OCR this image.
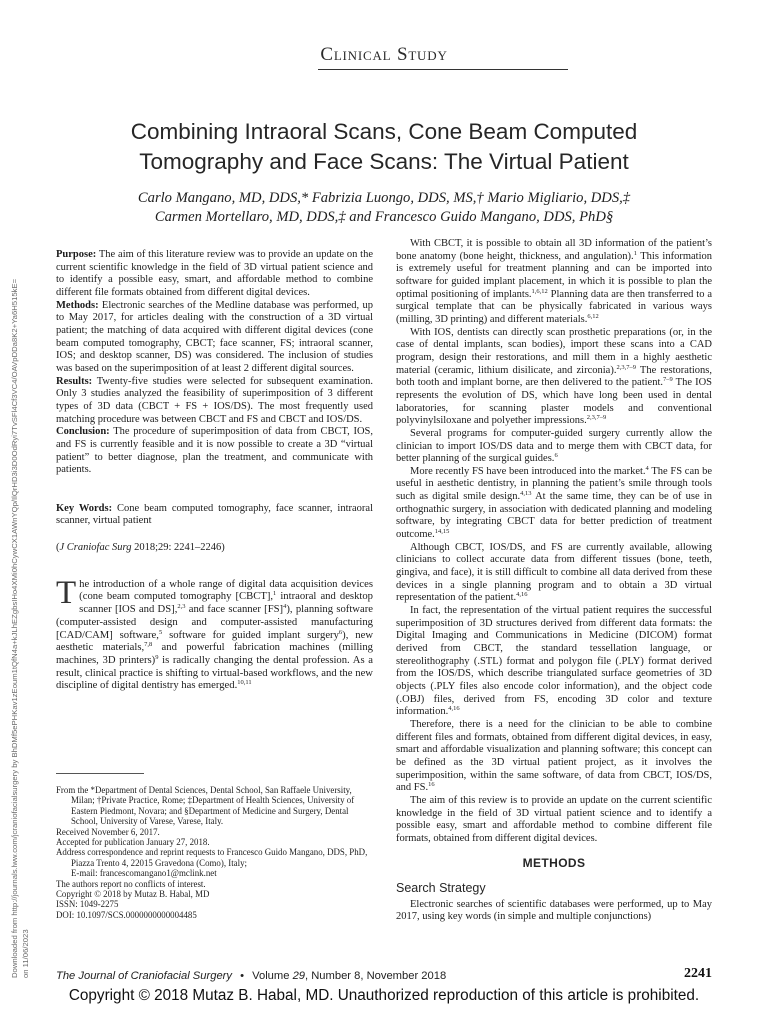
Clinical Study
Combining Intraoral Scans, Cone Beam Computed
Tomography and Face Scans: The Virtual Patient
Carlo Mangano, MD, DDS,* Fabrizia Luongo, DDS, MS,† Mario Migliario, DDS,‡
Carmen Mortellaro, MD, DDS,‡ and Francesco Guido Mangano, DDS, PhD§
Downloaded from http://journals.lww.com/jcraniofacialsurgery by BhDMf5ePHKav1zEoum1tQfN4a+kJLhEZgbsIHo4XMi0hCywCX1AWnYQp/IlQrHD3i3D0OdRyi7TvSFl4Cf3VC4/OAVpDDa8K2+Ya6H515kE= on 11/06/2023

Purpose: The aim of this literature review was to provide an update on the current scientific knowledge in the field of 3D virtual patient science and to identify a possible easy, smart, and affordable method to combine different file formats obtained from different digital devices.

Methods: Electronic searches of the Medline database was performed, up to May 2017, for articles dealing with the construction of a 3D virtual patient; the matching of data acquired with different digital devices (cone beam computed tomography, CBCT; face scanner, FS; intraoral scanner, IOS; and desktop scanner, DS) was considered. The inclusion of studies was based on the superimposition of at least 2 different digital sources.

Results: Twenty-five studies were selected for subsequent examination. Only 3 studies analyzed the feasibility of superimposition of 3 different types of 3D data (CBCT + FS + IOS/DS). The most frequently used matching procedure was between CBCT and FS and CBCT and IOS/DS.

Conclusion: The procedure of superimposition of data from CBCT, IOS, and FS is currently feasible and it is now possible to create a 3D “virtual patient” to better diagnose, plan the treatment, and communicate with patients.

Key Words: Cone beam computed tomography, face scanner, intraoral scanner, virtual patient

(J Craniofac Surg 2018;29: 2241–2246)

The introduction of a whole range of digital data acquisition devices (cone beam computed tomography [CBCT],$^1$ intraoral and desktop scanner [IOS and DS],$^{2,3}$ and face scanner [FS]$^4$), planning software (computer-assisted design and computer-assisted manufacturing [CAD/CAM] software,$^5$ software for guided implant surgery$^6$), new aesthetic materials,$^{7,8}$ and powerful fabrication machines (milling machines, 3D printers)$^9$ is radically changing the dental profession. As a result, clinical practice is shifting to virtual-based workflows, and the new discipline of digital dentistry has emerged.$^{10,11}$

From the *Department of Dental Sciences, Dental School, San Raffaele University, Milan; †Private Practice, Rome; ‡Department of Health Sciences, University of Eastern Piedmont, Novara; and §Department of Medicine and Surgery, Dental School, University of Varese, Varese, Italy.
Received November 6, 2017.
Accepted for publication January 27, 2018.
Address correspondence and reprint requests to Francesco Guido Mangano, DDS, PhD, Piazza Trento 4, 22015 Gravedona (Como), Italy;
E-mail: francescomangano1@mclink.net
The authors report no conflicts of interest.
Copyright © 2018 by Mutaz B. Habal, MD
ISSN: 1049-2275
DOI: 10.1097/SCS.0000000000004485

With CBCT, it is possible to obtain all 3D information of the patient’s bone anatomy (bone height, thickness, and angulation).$^1$ This information is extremely useful for treatment planning and can be imported into software for guided implant placement, in which it is possible to plan the optimal positioning of implants.$^{1,6,12}$ Planning data are then transferred to a surgical template that can be physically fabricated in various ways (milling, 3D printing) and different materials.$^{6,12}$

With IOS, dentists can directly scan prosthetic preparations (or, in the case of dental implants, scan bodies), import these scans into a CAD program, design their restorations, and mill them in a highly aesthetic material (ceramic, lithium disilicate, and zirconia).$^{2,3,7-9}$ The restorations, both tooth and implant borne, are then delivered to the patient.$^{7-9}$ The IOS represents the evolution of DS, which have long been used in dental laboratories, for scanning plaster models and conventional polyvinylsiloxane and polyether impressions.$^{2,3,7-9}$

Several programs for computer-guided surgery currently allow the clinician to import IOS/DS data and to merge them with CBCT data, for better planning of the surgical guides.$^6$

More recently FS have been introduced into the market.$^4$ The FS can be useful in aesthetic dentistry, in planning the patient’s smile through tools such as digital smile design.$^{4,13}$ At the same time, they can be of use in orthognathic surgery, in association with dedicated planning and modeling software, by integrating CBCT data for better prediction of treatment outcome.$^{14,15}$

Although CBCT, IOS/DS, and FS are currently available, allowing clinicians to collect accurate data from different tissues (bone, teeth, gingiva, and face), it is still difficult to combine all data derived from these devices in a single planning program and to obtain a 3D virtual representation of the patient.$^{4,16}$

In fact, the representation of the virtual patient requires the successful superimposition of 3D structures derived from different data formats: the Digital Imaging and Communications in Medicine (DICOM) format derived from CBCT, the standard tessellation language, or stereolithography (.STL) format and polygon file (.PLY) format derived from the IOS/DS, which describe triangulated surface geometries of 3D objects (.PLY files also encode color information), and the object code (.OBJ) files, derived from FS, encoding 3D color and texture information.$^{4,16}$

Therefore, there is a need for the clinician to be able to combine different files and formats, obtained from different digital devices, in easy, smart and affordable visualization and planning software; this concept can be defined as the 3D virtual patient project, as it involves the superimposition, within the same software, of data from CBCT, IOS/DS, and FS.$^{16}$

The aim of this review is to provide an update on the current scientific knowledge in the field of 3D virtual patient science and to identify a possible easy, smart and affordable method to combine different file formats, obtained from different digital devices.

METHODS
Search Strategy

Electronic searches of scientific databases were performed, up to May 2017, using key words (in simple and multiple conjunctions)

The Journal of Craniofacial Surgery • Volume 29, Number 8, November 2018	2241
Copyright © 2018 Mutaz B. Habal, MD. Unauthorized reproduction of this article is prohibited.
